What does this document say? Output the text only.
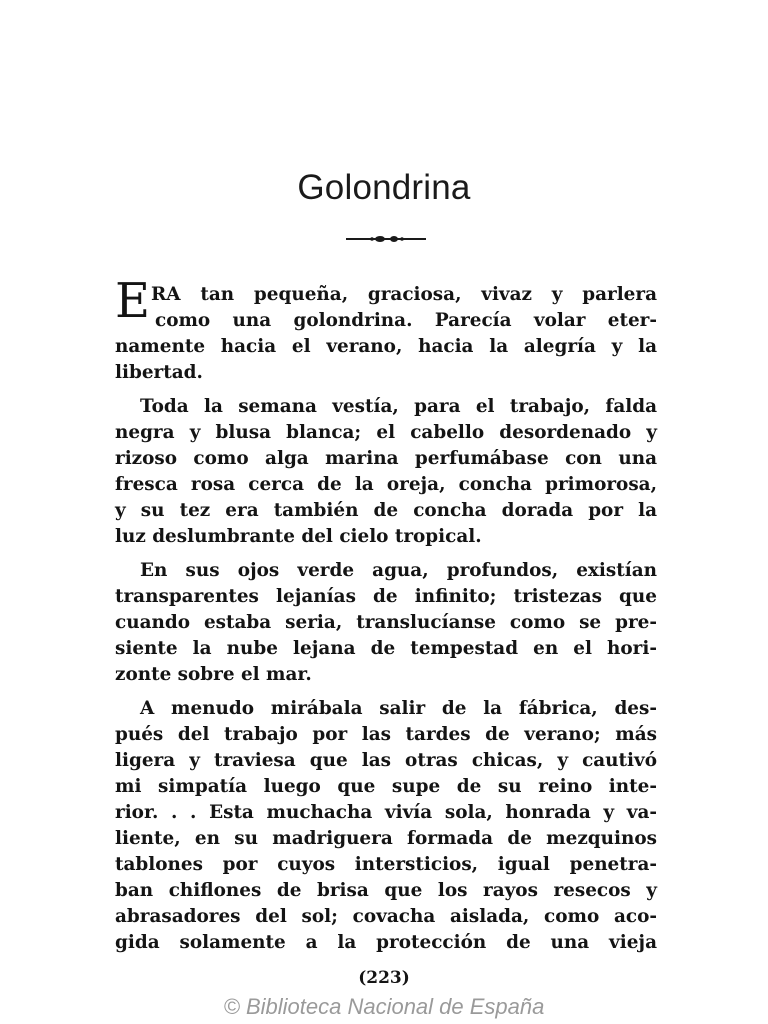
Golondrina
E RA tan pequeña, graciosa, vivaz y parlera
como una golondrina. Parecía volar eter-
namente hacia el verano, hacia la alegría y la
libertad.
Toda la semana vestía, para el trabajo, falda
negra y blusa blanca; el cabello desordenado y
rizoso como alga marina perfumábase con una
fresca rosa cerca de la oreja, concha primorosa,
y su tez era también de concha dorada por la
luz deslumbrante del cielo tropical.
En sus ojos verde agua, profundos, existían
transparentes lejanías de infinito; tristezas que
cuando estaba seria, translucíanse como se pre-
siente la nube lejana de tempestad en el hori-
zonte sobre el mar.
A menudo mirábala salir de la fábrica, des-
pués del trabajo por las tardes de verano; más
ligera y traviesa que las otras chicas, y cautivó
mi simpatía luego que supe de su reino inte-
rior. . . Esta muchacha vivía sola, honrada y va-
liente, en su madriguera formada de mezquinos
tablones por cuyos intersticios, igual penetra-
ban chiflones de brisa que los rayos resecos y
abrasadores del sol; covacha aislada, como aco-
gida solamente a la protección de una vieja
(223)
© Biblioteca Nacional de España
